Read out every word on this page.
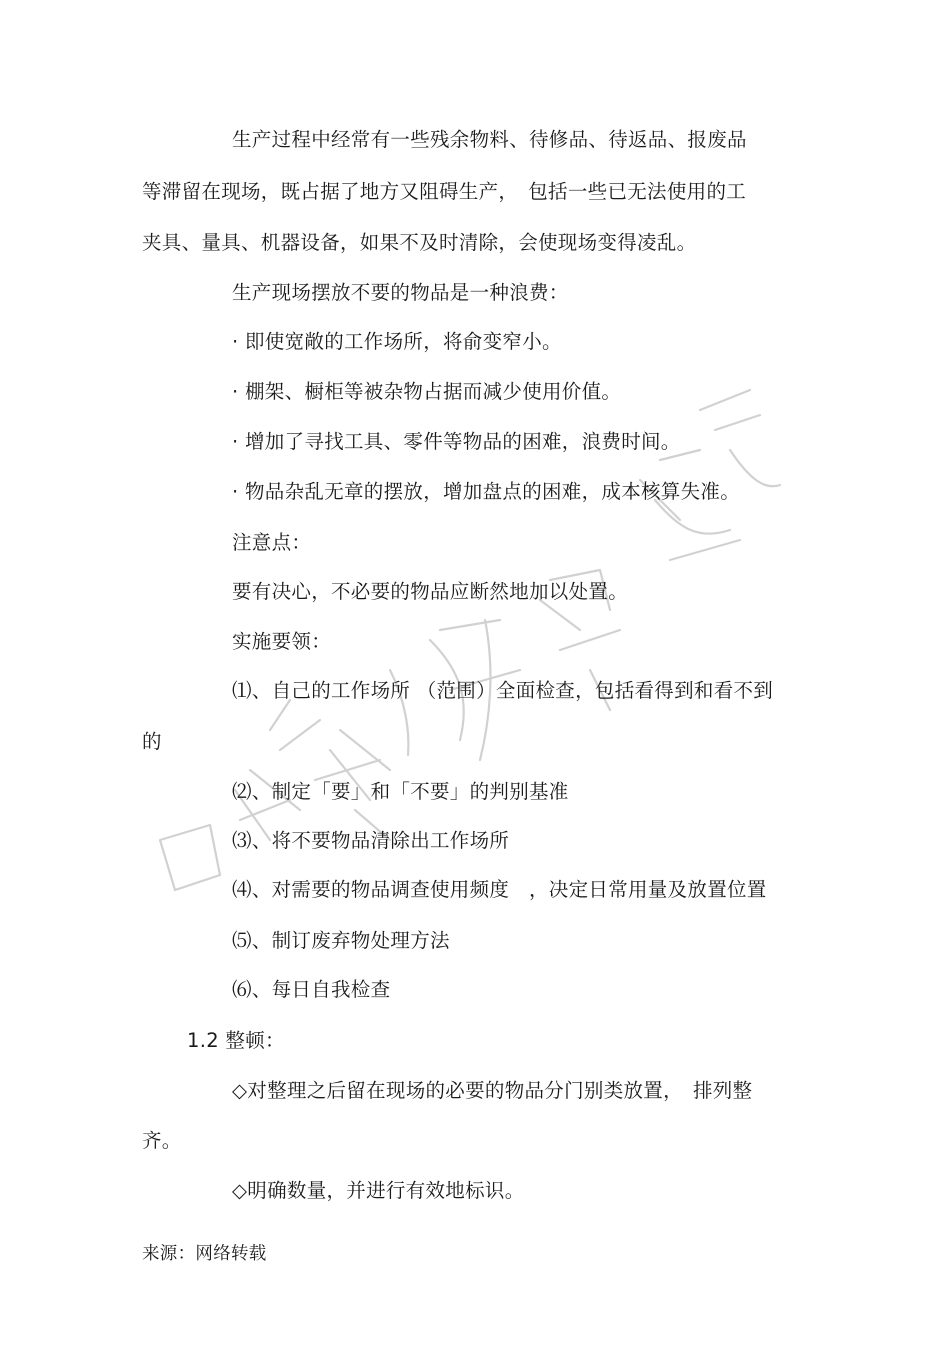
生产过程中经常有一些残余物料、待修品、待返品、报废品
等滞留在现场，既占据了地方又阻碍生产，　包括一些已无法使用的工
夹具、量具、机器设备，如果不及时清除，会使现场变得凌乱。
生产现场摆放不要的物品是一种浪费：
· 即使宽敞的工作场所，将俞变窄小。
· 棚架、橱柜等被杂物占据而减少使用价值。
· 增加了寻找工具、零件等物品的困难，浪费时间。
· 物品杂乱无章的摆放，增加盘点的困难，成本核算失准。
注意点：
要有决心，不必要的物品应断然地加以处置。
实施要领：
⑴、自己的工作场所 （范围）全面检查，包括看得到和看不到
的
⑵、制定「要」和「不要」的判别基准
⑶、将不要物品清除出工作场所
⑷、对需要的物品调查使用频度　，决定日常用量及放置位置
⑸、制订废弃物处理方法
⑹、每日自我检查
1.2 整顿：
◇对整理之后留在现场的必要的物品分门别类放置，　排列整
齐。
◇明确数量，并进行有效地标识。
来源：网络转载
